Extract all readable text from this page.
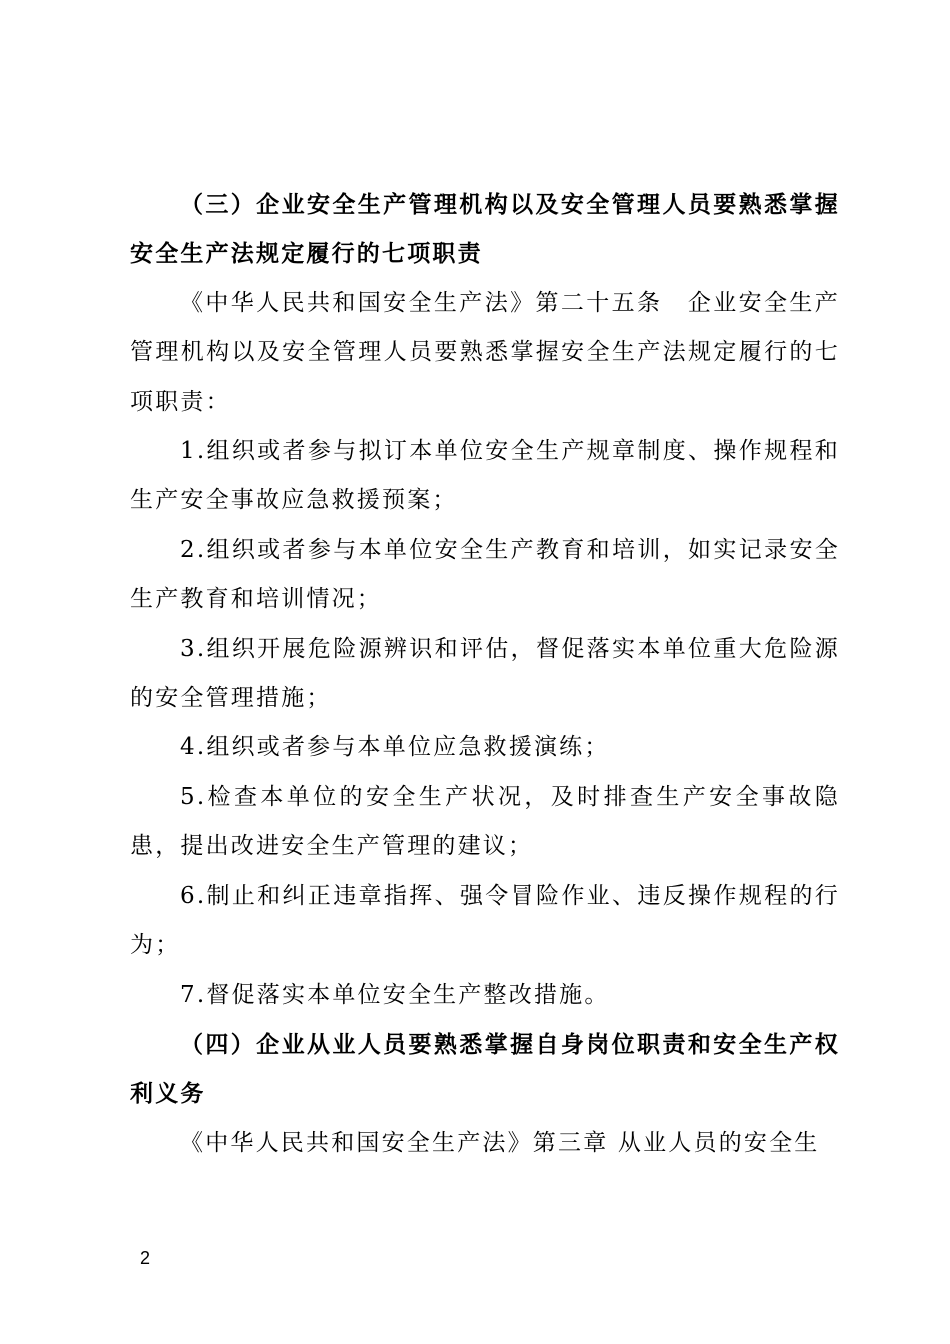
（三）企业安全生产管理机构以及安全管理人员要熟悉掌握安全生产法规定履行的七项职责

《中华人民共和国安全生产法》第二十五条　企业安全生产管理机构以及安全管理人员要熟悉掌握安全生产法规定履行的七项职责：

1.组织或者参与拟订本单位安全生产规章制度、操作规程和生产安全事故应急救援预案；

2.组织或者参与本单位安全生产教育和培训，如实记录安全生产教育和培训情况；

3.组织开展危险源辨识和评估，督促落实本单位重大危险源的安全管理措施；

4.组织或者参与本单位应急救援演练；

5.检查本单位的安全生产状况，及时排查生产安全事故隐患，提出改进安全生产管理的建议；

6.制止和纠正违章指挥、强令冒险作业、违反操作规程的行为；

7.督促落实本单位安全生产整改措施。

（四）企业从业人员要熟悉掌握自身岗位职责和安全生产权利义务

《中华人民共和国安全生产法》第三章 从业人员的安全生

2
